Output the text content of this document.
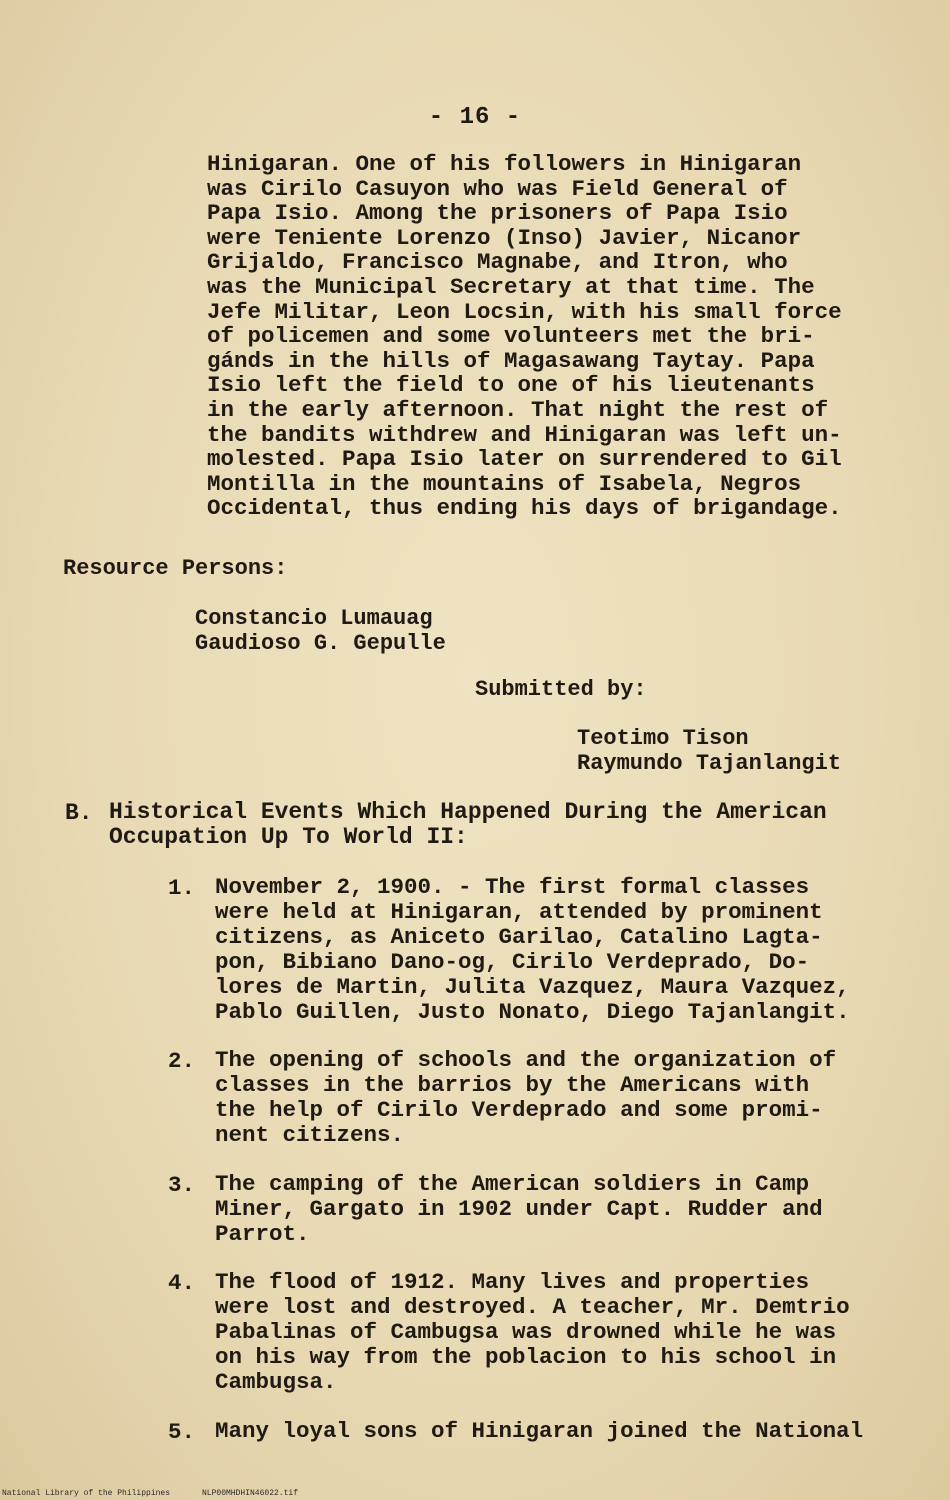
- 16 -
Hinigaran. One of his followers in Hinigaran
was Cirilo Casuyon who was Field General of
Papa Isio. Among the prisoners of Papa Isio
were Teniente Lorenzo (Inso) Javier, Nicanor
Grijaldo, Francisco Magnabe, and Itron, who
was the Municipal Secretary at that time. The
Jefe Militar, Leon Locsin, with his small force
of policemen and some volunteers met the bri-
gánds in the hills of Magasawang Taytay. Papa
Isio left the field to one of his lieutenants
in the early afternoon. That night the rest of
the bandits withdrew and Hinigaran was left un-
molested. Papa Isio later on surrendered to Gil
Montilla in the mountains of Isabela, Negros
Occidental, thus ending his days of brigandage.
Resource Persons:
Constancio Lumauag
Gaudioso G. Gepulle
Submitted by:
Teotimo Tison
Raymundo Tajanlangit
B. Historical Events Which Happened During the American
Occupation Up To World II:
1. November 2, 1900. - The first formal classes
were held at Hinigaran, attended by prominent
citizens, as Aniceto Garilao, Catalino Lagta-
pon, Bibiano Dano-og, Cirilo Verdeprado, Do-
lores de Martin, Julita Vazquez, Maura Vazquez,
Pablo Guillen, Justo Nonato, Diego Tajanlangit.
2. The opening of schools and the organization of
classes in the barrios by the Americans with
the help of Cirilo Verdeprado and some promi-
nent citizens.
3. The camping of the American soldiers in Camp
Miner, Gargato in 1902 under Capt. Rudder and
Parrot.
4. The flood of 1912. Many lives and properties
were lost and destroyed. A teacher, Mr. Demtrio
Pabalinas of Cambugsa was drowned while he was
on his way from the poblacion to his school in
Cambugsa.
5. Many loyal sons of Hinigaran joined the National
National Library of the Philippines	NLP00MHDHIN46022.tif
